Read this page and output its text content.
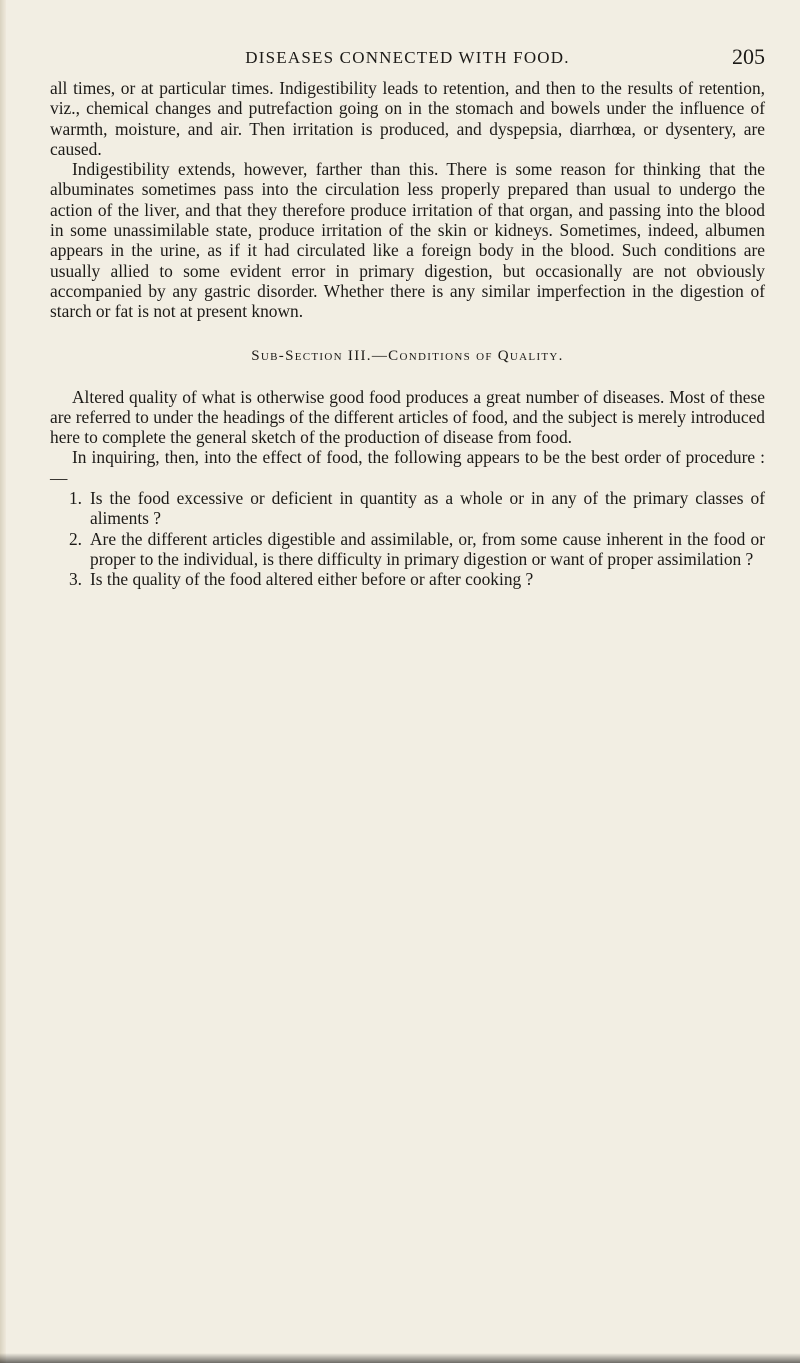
DISEASES CONNECTED WITH FOOD.	205

all times, or at particular times. Indigestibility leads to retention, and then to the results of retention, viz., chemical changes and putrefaction going on in the stomach and bowels under the influence of warmth, moisture, and air. Then irritation is produced, and dyspepsia, diarrhœa, or dysentery, are caused.

Indigestibility extends, however, farther than this. There is some reason for thinking that the albuminates sometimes pass into the circulation less properly prepared than usual to undergo the action of the liver, and that they therefore produce irritation of that organ, and passing into the blood in some unassimilable state, produce irritation of the skin or kidneys. Sometimes, indeed, albumen appears in the urine, as if it had circulated like a foreign body in the blood. Such conditions are usually allied to some evident error in primary digestion, but occasionally are not obviously accompanied by any gastric disorder. Whether there is any similar imperfection in the digestion of starch or fat is not at present known.

Sub-Section III.—Conditions of Quality.

Altered quality of what is otherwise good food produces a great number of diseases. Most of these are referred to under the headings of the different articles of food, and the subject is merely introduced here to complete the general sketch of the production of disease from food.

In inquiring, then, into the effect of food, the following appears to be the best order of procedure :—

1. Is the food excessive or deficient in quantity as a whole or in any of the primary classes of aliments ?
2. Are the different articles digestible and assimilable, or, from some cause inherent in the food or proper to the individual, is there difficulty in primary digestion or want of proper assimilation ?
3. Is the quality of the food altered either before or after cooking ?
